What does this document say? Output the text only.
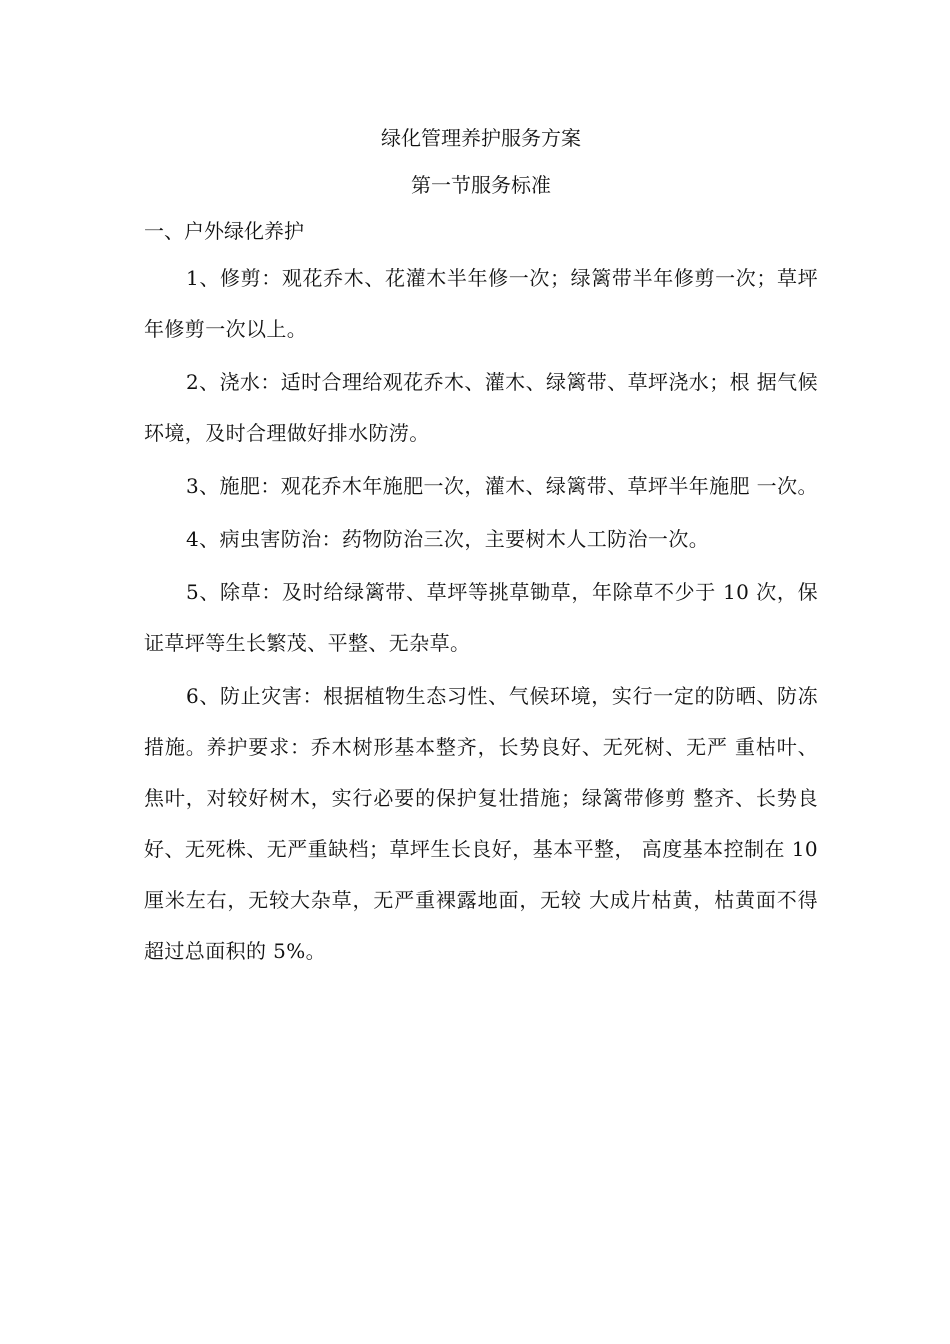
绿化管理养护服务方案
第一节服务标准
一、户外绿化养护

1、修剪：观花乔木、花灌木半年修一次；绿篱带半年修剪一次；草坪年修剪一次以上。

2、浇水：适时合理给观花乔木、灌木、绿篱带、草坪浇水；根 据气候环境，及时合理做好排水防涝。

3、施肥：观花乔木年施肥一次，灌木、绿篱带、草坪半年施肥 一次。

4、病虫害防治：药物防治三次，主要树木人工防治一次。

5、除草：及时给绿篱带、草坪等挑草锄草，年除草不少于 10 次，保证草坪等生长繁茂、平整、无杂草。

6、防止灾害：根据植物生态习性、气候环境，实行一定的防晒、防冻措施。养护要求：乔木树形基本整齐，长势良好、无死树、无严 重枯叶、焦叶，对较好树木，实行必要的保护复壮措施；绿篱带修剪 整齐、长势良好、无死株、无严重缺档；草坪生长良好，基本平整， 高度基本控制在 10 厘米左右，无较大杂草，无严重裸露地面，无较 大成片枯黄，枯黄面不得超过总面积的 5%。
